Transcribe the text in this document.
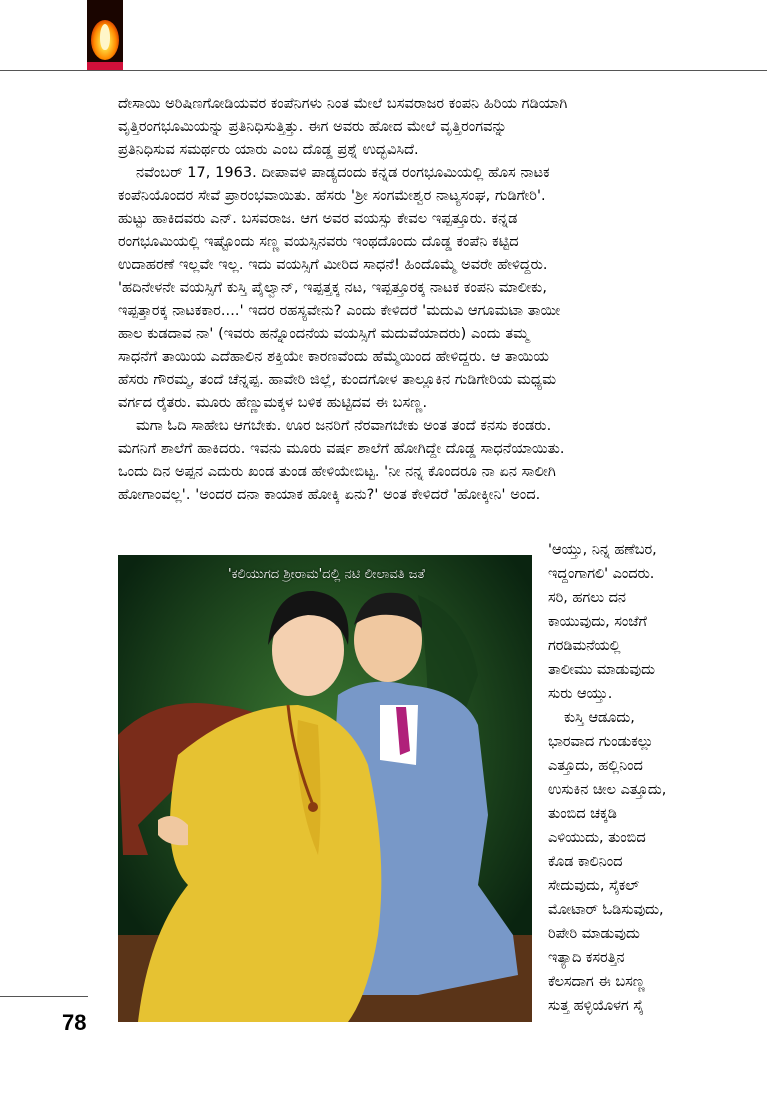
ದೇಸಾಯಿ ಅರಿಷಿಣಗೋಡಿಯವರ ಕಂಪೆನಿಗಳು ನಿಂತ ಮೇಲೆ ಬಸವರಾಜರ ಕಂಪನಿ ಹಿರಿಯ ಗಡಿಯಾಗಿ
ವೃತ್ತಿರಂಗಭೂಮಿಯನ್ನು ಪ್ರತಿನಿಧಿಸುತ್ತಿತ್ತು. ಈಗ ಅವರು ಹೋದ ಮೇಲೆ ವೃತ್ತಿರಂಗವನ್ನು
ಪ್ರತಿನಿಧಿಸುವ ಸಮರ್ಥರು ಯಾರು ಎಂಬ ದೊಡ್ಡ ಪ್ರಶ್ನೆ ಉದ್ಭವಿಸಿದೆ.
ನವೆಂಬರ್ 17, 1963. ದೀಪಾವಳಿ ಪಾಡ್ಯದಂದು ಕನ್ನಡ ರಂಗಭೂಮಿಯಲ್ಲಿ ಹೊಸ ನಾಟಕ
ಕಂಪೆನಿಯೊಂದರ ಸೇವೆ ಪ್ರಾರಂಭವಾಯಿತು. ಹೆಸರು 'ಶ್ರೀ ಸಂಗಮೇಶ್ವರ ನಾಟ್ಯಸಂಘ, ಗುಡಿಗೇರಿ'.
ಹುಟ್ಟು ಹಾಕಿದವರು ಎನ್. ಬಸವರಾಜ. ಆಗ ಅವರ ವಯಸ್ಸು ಕೇವಲ ಇಪ್ಪತ್ತೂರು. ಕನ್ನಡ
ರಂಗಭೂಮಿಯಲ್ಲಿ ಇಷ್ಟೊಂದು ಸಣ್ಣ ವಯಸ್ಸಿನವರು ಇಂಥದೊಂದು ದೊಡ್ಡ ಕಂಪೆನಿ ಕಟ್ಟಿದ
ಉದಾಹರಣೆ ಇಲ್ಲವೇ ಇಲ್ಲ. ಇದು ವಯಸ್ಸಿಗೆ ಮೀರಿದ ಸಾಧನೆ! ಹಿಂದೊಮ್ಮೆ ಅವರೇ ಹೇಳಿದ್ದರು.
'ಹದಿನೇಳನೇ ವಯಸ್ಸಿಗೆ ಕುಸ್ತಿ ಪೈಲ್ವಾನ್, ಇಪ್ಪತ್ತಕ್ಕ ನಟ, ಇಪ್ಪತ್ತೂರಕ್ಕ ನಾಟಕ ಕಂಪನಿ ಮಾಲೀಕು,
ಇಪ್ಪತ್ತಾರಕ್ಕ ನಾಟಕಕಾರ....' ಇದರ ರಹಸ್ಯವೇನು? ಎಂದು ಕೇಳಿದರೆ 'ಮದುವಿ ಆಗೂಮಟಾ ತಾಯೀ
ಹಾಲ ಕುಡದಾವ ನಾ' (ಇವರು ಹನ್ನೊಂದನೆಯ ವಯಸ್ಸಿಗೆ ಮದುವೆಯಾದರು) ಎಂದು ತಮ್ಮ
ಸಾಧನೆಗೆ ತಾಯಿಯ ಎದೆಹಾಲಿನ ಶಕ್ತಿಯೇ ಕಾರಣವೆಂದು ಹೆಮ್ಮೆಯಿಂದ ಹೇಳಿದ್ದರು. ಆ ತಾಯಿಯ
ಹೆಸರು ಗೌರಮ್ಮ, ತಂದೆ ಚೆನ್ನಪ್ಪ. ಹಾವೇರಿ ಜಿಲ್ಲೆ, ಕುಂದಗೋಳ ತಾಲ್ಲೂಕಿನ ಗುಡಿಗೇರಿಯ ಮಧ್ಯಮ
ವರ್ಗದ ರೈತರು. ಮೂರು ಹೆಣ್ಣುಮಕ್ಕಳ ಬಳಿಕ ಹುಟ್ಟಿದವ ಈ ಬಸಣ್ಣ.
ಮಗಾ ಓದಿ ಸಾಹೇಬ ಆಗಬೇಕು. ಊರ ಜನರಿಗೆ ನೆರವಾಗಬೇಕು ಅಂತ ತಂದೆ ಕನಸು ಕಂಡರು.
ಮಗನಿಗೆ ಶಾಲೆಗೆ ಹಾಕಿದರು. ಇವನು ಮೂರು ವರ್ಷ ಶಾಲೆಗೆ ಹೋಗಿದ್ದೇ ದೊಡ್ಡ ಸಾಧನೆಯಾಯಿತು.
ಒಂದು ದಿನ ಅಪ್ಪನ ಎದುರು ಖಂಡ ತುಂಡ ಹೇಳಿಯೇಬಿಟ್ಟ. 'ನೀ ನನ್ನ ಕೊಂದರೂ ನಾ ಏನ ಸಾಲೀಗಿ
ಹೋಗಾಂವಲ್ಲ'. 'ಅಂದರ ದನಾ ಕಾಯಾಕ ಹೋಕ್ಕಿ ಏನು?' ಅಂತ ಕೇಳಿದರೆ 'ಹೋಕ್ಕೀನಿ' ಅಂದ.
'ಕಲಿಯುಗದ ಶ್ರೀರಾಮ'ದಲ್ಲಿ ನಟಿ ಲೀಲಾವತಿ ಜತೆ
'ಆಯ್ತು, ನಿನ್ನ ಹಣೆಬರ,
ಇದ್ದಂಗಾಗಲಿ' ಎಂದರು.
ಸರಿ, ಹಗಲು ದನ
ಕಾಯುವುದು, ಸಂಜೆಗೆ
ಗರಡಿಮನೆಯಲ್ಲಿ
ತಾಲೀಮು ಮಾಡುವುದು
ಸುರು ಆಯ್ತು.
ಕುಸ್ತಿ ಆಡೂದು,
ಭಾರವಾದ ಗುಂಡುಕಲ್ಲು
ಎತ್ತೂದು, ಹಲ್ಲಿನಿಂದ
ಉಸುಕಿನ ಚೀಲ ಎತ್ತೂದು,
ತುಂಬಿದ ಚಕ್ಕಡಿ
ಎಳಿಯುದು, ತುಂಬಿದ
ಕೊಡ ಕಾಲಿನಿಂದ
ಸೇದುವುದು, ಸೈಕಲ್
ಮೋಟಾರ್ ಓಡಿಸುವುದು,
ರಿಪೇರಿ ಮಾಡುವುದು
ಇತ್ಯಾದಿ ಕಸರತ್ತಿನ
ಕೆಲಸದಾಗ ಈ ಬಸಣ್ಣ
ಸುತ್ತ ಹಳ್ಳಿಯೊಳಗ ಸೈ
78
